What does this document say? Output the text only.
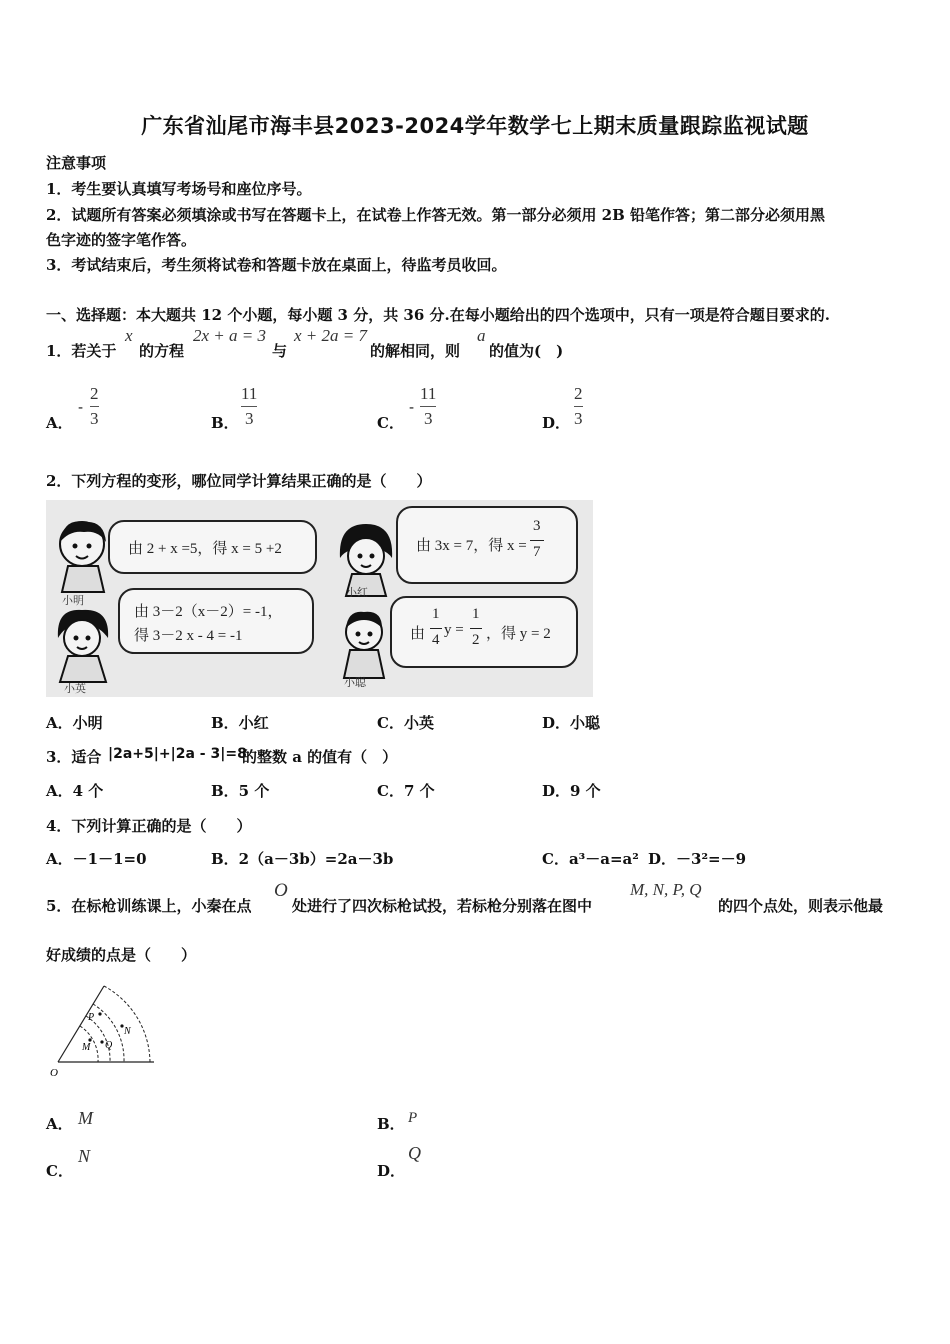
广东省汕尾市海丰县2023-2024学年数学七上期末质量跟踪监视试题
注意事项
1．考生要认真填写考场号和座位序号。
2．试题所有答案必须填涂或书写在答题卡上，在试卷上作答无效。第一部分必须用 2B 铅笔作答；第二部分必须用黑
色字迹的签字笔作答。
3．考试结束后，考生须将试卷和答题卡放在桌面上，待监考员收回。
一、选择题：本大题共 12 个小题，每小题 3 分，共 36 分.在每小题给出的四个选项中，只有一项是符合题目要求的.
1．若关于
x
的方程
2x + a = 3
与
x + 2a = 7
的解相同，则
a
的值为(　)
A．
-
2
3	B．
11
3	C．
-
11
3	D．
2
3
2．下列方程的变形，哪位同学计算结果正确的是（　　）
小明
由 2 + x =5，得 x = 5 +2
小红
由 3x = 7，得 x =
3
7
小英
由 3－2（x－2）= -1，
得 3－2 x - 4 = -1
小聪
由
1
4
y =
1
2 ，得 y = 2
A．小明	B．小红	C．小英	D．小聪
3．适合 |2a+5|+|2a - 3|=8
的整数 a 的值有（　）
A．4 个	B．5 个	C．7 个	D．9 个
4．下列计算正确的是（　　）
A．－1－1=0	B．2（a－3b）=2a－3b	C．a³－a=a² D．－3²=－9
5．在标枪训练课上，小秦在点
O
处进行了四次标枪试投，若标枪分别落在图中
M, N, P, Q
的四个点处，则表示他最
好成绩的点是（　　）
P
N
M Q
O
A． M	B． P
C．
N
D．
Q
